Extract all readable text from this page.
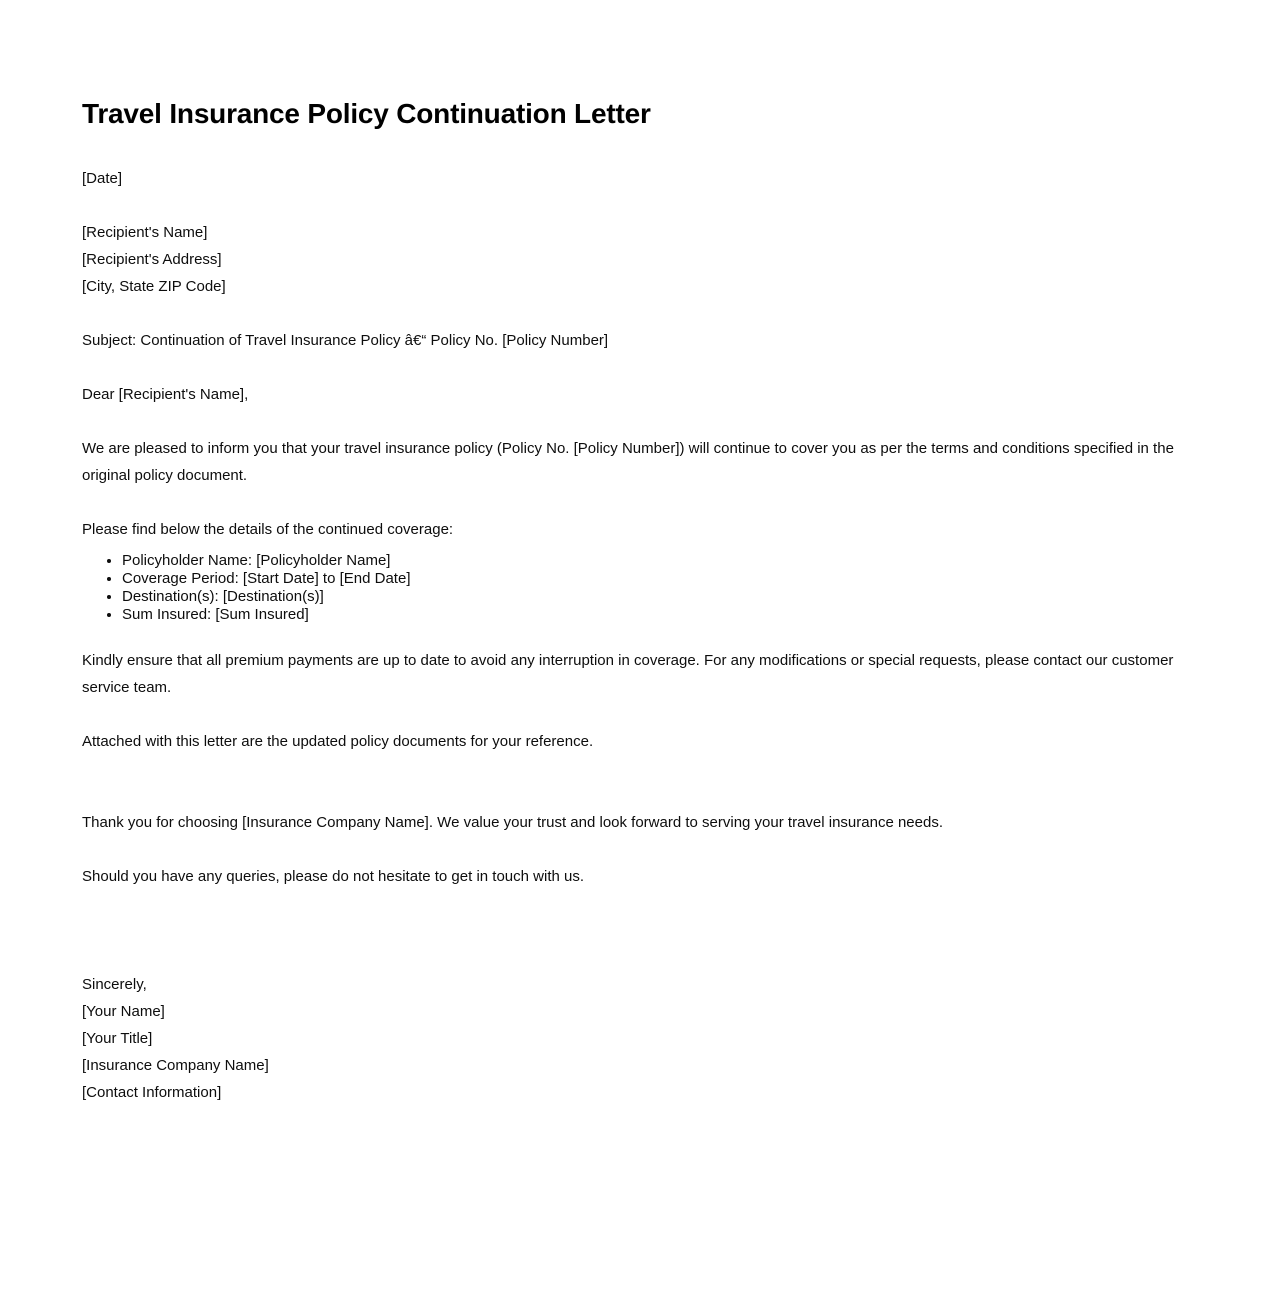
Travel Insurance Policy Continuation Letter

[Date]

[Recipient's Name]
[Recipient's Address]
[City, State ZIP Code]

Subject: Continuation of Travel Insurance Policy â€“ Policy No. [Policy Number]

Dear [Recipient's Name],

We are pleased to inform you that your travel insurance policy (Policy No. [Policy Number]) will continue to cover you as per the terms and conditions specified in the original policy document.

Please find below the details of the continued coverage:

• Policyholder Name: [Policyholder Name]
• Coverage Period: [Start Date] to [End Date]
• Destination(s): [Destination(s)]
• Sum Insured: [Sum Insured]

Kindly ensure that all premium payments are up to date to avoid any interruption in coverage. For any modifications or special requests, please contact our customer service team.

Attached with this letter are the updated policy documents for your reference.

Thank you for choosing [Insurance Company Name]. We value your trust and look forward to serving your travel insurance needs.

Should you have any queries, please do not hesitate to get in touch with us.

Sincerely,
[Your Name]
[Your Title]
[Insurance Company Name]
[Contact Information]
